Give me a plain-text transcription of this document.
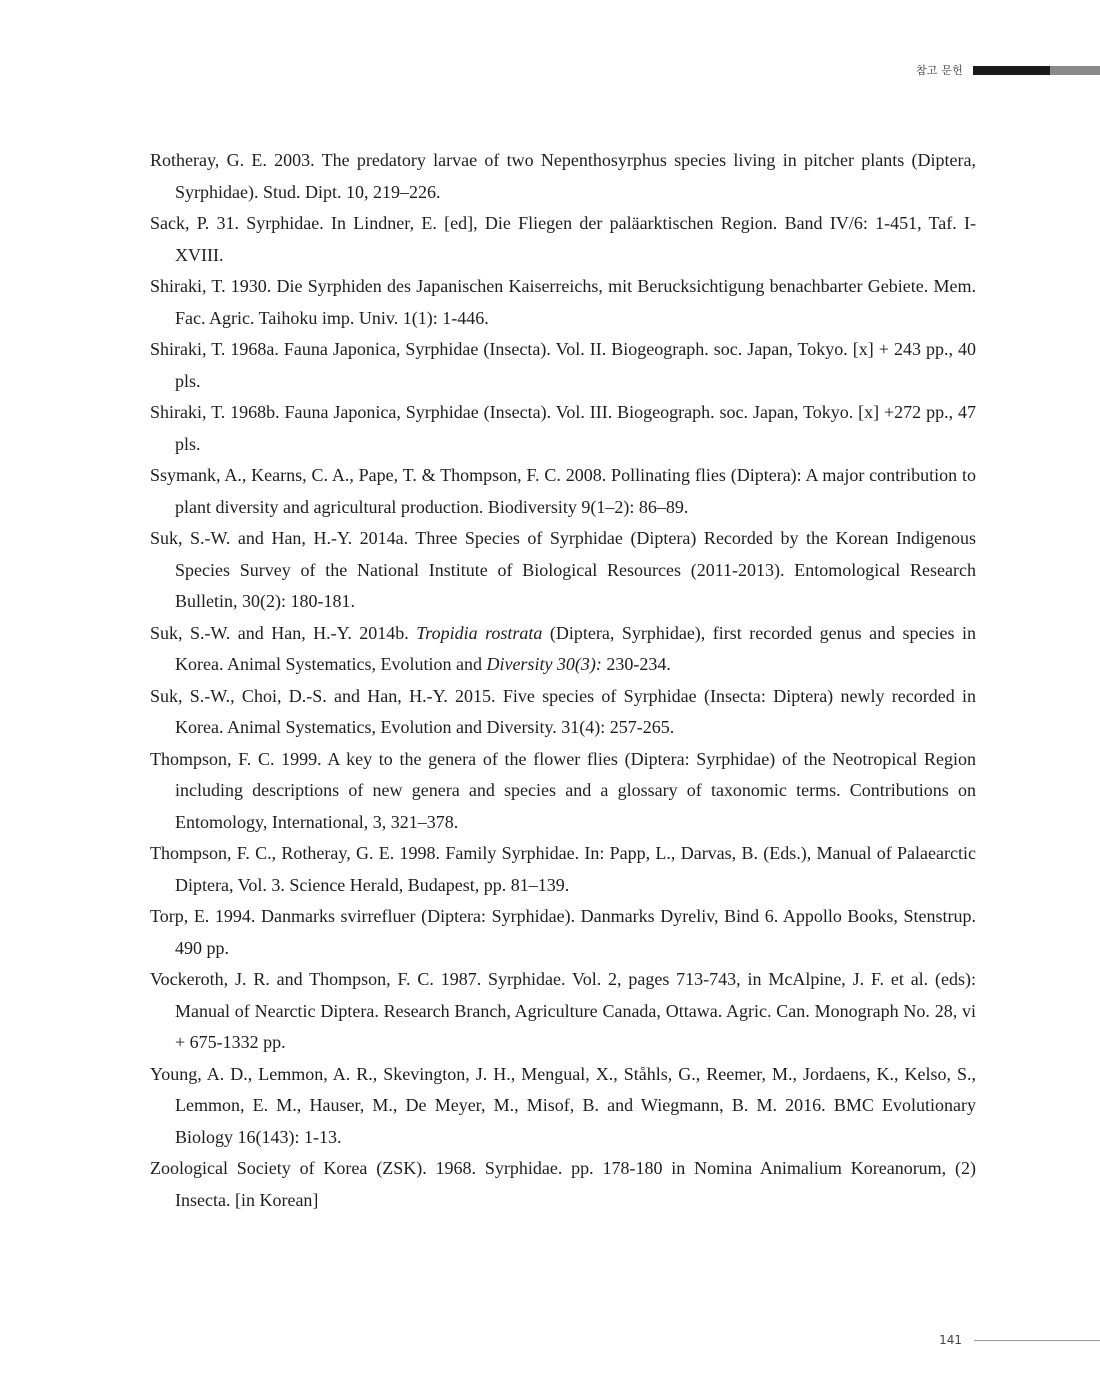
참고 문헌
Rotheray, G. E. 2003. The predatory larvae of two Nepenthosyrphus species living in pitcher plants (Diptera, Syrphidae). Stud. Dipt. 10, 219–226.
Sack, P. 31. Syrphidae. In Lindner, E. [ed], Die Fliegen der paläarktischen Region. Band IV/6: 1-451, Taf. I-XVIII.
Shiraki, T. 1930. Die Syrphiden des Japanischen Kaiserreichs, mit Berucksichtigung benachbarter Gebiete. Mem. Fac. Agric. Taihoku imp. Univ. 1(1): 1-446.
Shiraki, T. 1968a. Fauna Japonica, Syrphidae (Insecta). Vol. II. Biogeograph. soc. Japan, Tokyo. [x] + 243 pp., 40 pls.
Shiraki, T. 1968b. Fauna Japonica, Syrphidae (Insecta). Vol. III. Biogeograph. soc. Japan, Tokyo. [x] +272 pp., 47 pls.
Ssymank, A., Kearns, C. A., Pape, T. & Thompson, F. C. 2008. Pollinating flies (Diptera): A major contribution to plant diversity and agricultural production. Biodiversity 9(1–2): 86–89.
Suk, S.-W. and Han, H.-Y. 2014a. Three Species of Syrphidae (Diptera) Recorded by the Korean Indigenous Species Survey of the National Institute of Biological Resources (2011-2013). Entomological Research Bulletin, 30(2): 180-181.
Suk, S.-W. and Han, H.-Y. 2014b. Tropidia rostrata (Diptera, Syrphidae), first recorded genus and species in Korea. Animal Systematics, Evolution and Diversity 30(3): 230-234.
Suk, S.-W., Choi, D.-S. and Han, H.-Y. 2015. Five species of Syrphidae (Insecta: Diptera) newly recorded in Korea. Animal Systematics, Evolution and Diversity. 31(4): 257-265.
Thompson, F. C. 1999. A key to the genera of the flower flies (Diptera: Syrphidae) of the Neotropical Region including descriptions of new genera and species and a glossary of taxonomic terms. Contributions on Entomology, International, 3, 321–378.
Thompson, F. C., Rotheray, G. E. 1998. Family Syrphidae. In: Papp, L., Darvas, B. (Eds.), Manual of Palaearctic Diptera, Vol. 3. Science Herald, Budapest, pp. 81–139.
Torp, E. 1994. Danmarks svirrefluer (Diptera: Syrphidae). Danmarks Dyreliv, Bind 6. Appollo Books, Stenstrup. 490 pp.
Vockeroth, J. R. and Thompson, F. C. 1987. Syrphidae. Vol. 2, pages 713-743, in McAlpine, J. F. et al. (eds): Manual of Nearctic Diptera. Research Branch, Agriculture Canada, Ottawa. Agric. Can. Monograph No. 28, vi + 675-1332 pp.
Young, A. D., Lemmon, A. R., Skevington, J. H., Mengual, X., Ståhls, G., Reemer, M., Jordaens, K., Kelso, S., Lemmon, E. M., Hauser, M., De Meyer, M., Misof, B. and Wiegmann, B. M. 2016. BMC Evolutionary Biology 16(143): 1-13.
Zoological Society of Korea (ZSK). 1968. Syrphidae. pp. 178-180 in Nomina Animalium Koreanorum, (2) Insecta. [in Korean]
141
